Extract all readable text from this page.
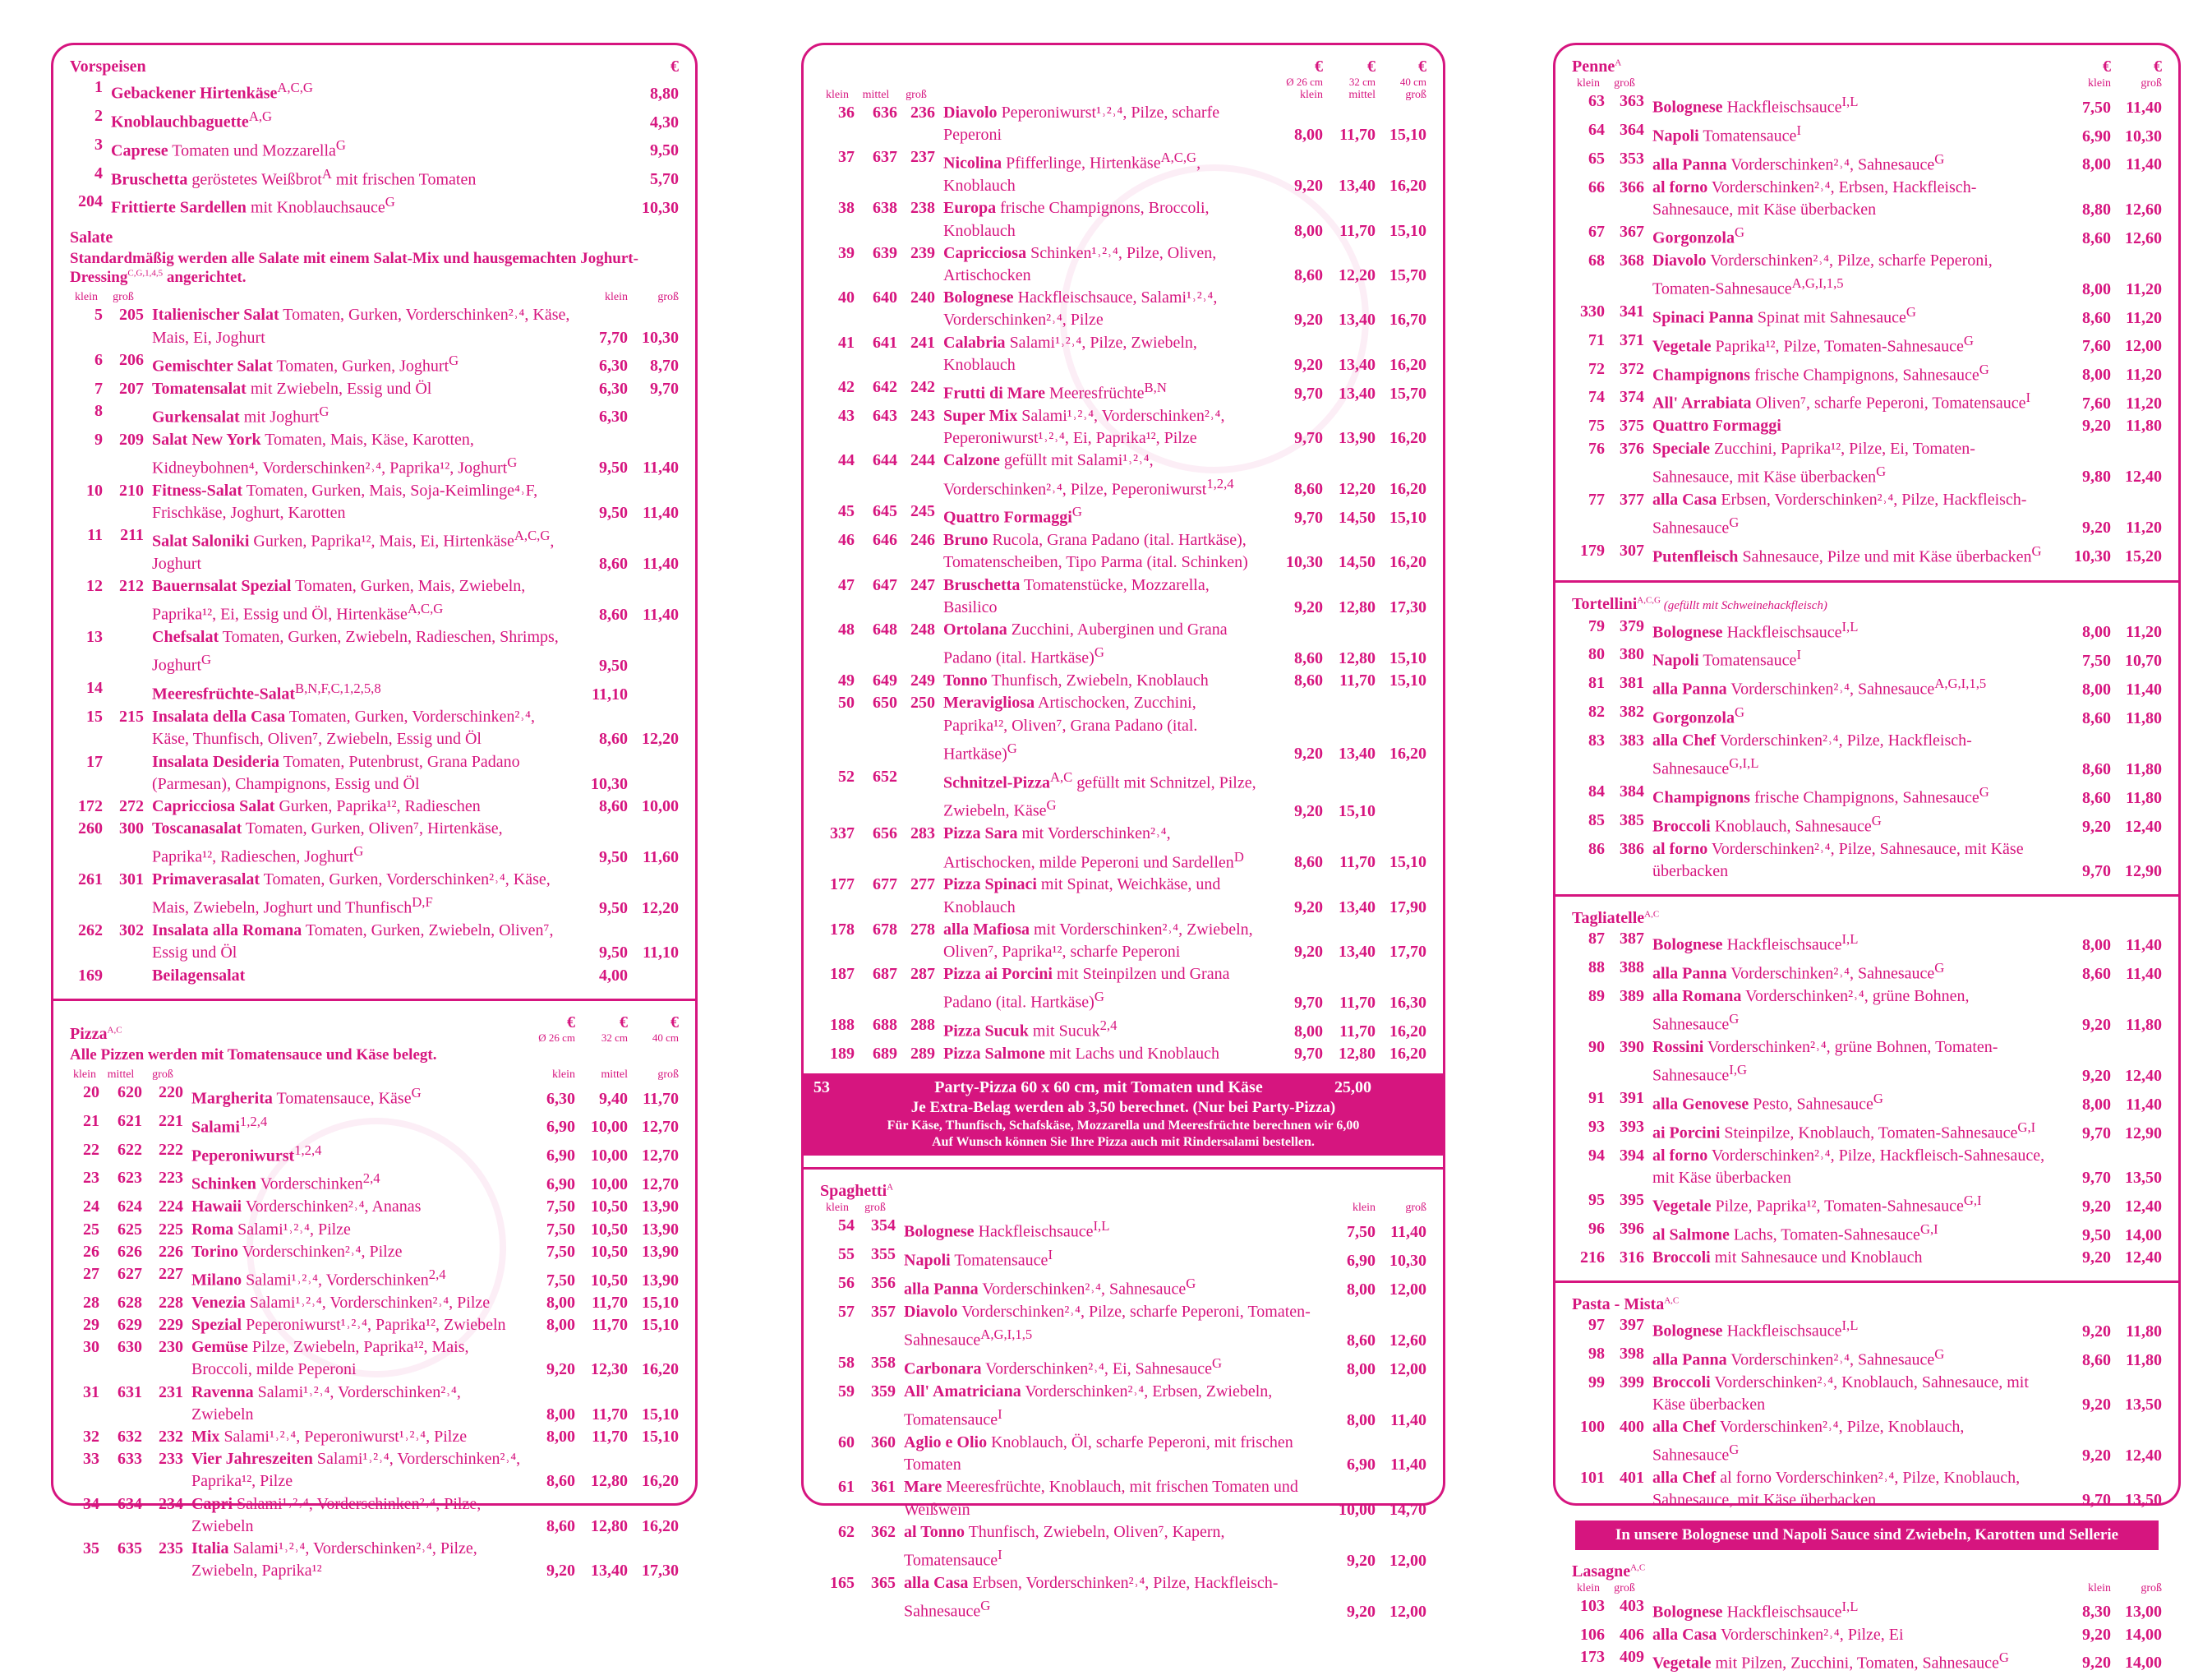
Vorspeisen	€
1 Gebackener Hirtenkäse$^{A,C,G}$	8,80
2 Knoblauchbaguette$^{A,G}$	4,30
3 Caprese Tomaten und Mozzarella$^G$	9,50
4 Bruschetta geröstetes Weißbrot$^A$ mit frischen Tomaten	5,70
204 Frittierte Sardellen mit Knoblauchsauce$^G$	10,30
Salate
Standardmäßig werden alle Salate mit einem Salat-Mix und hausgemachten Joghurt-Dressing$^{C,G,1,4,5}$ angerichtet.
klein	groß	klein	groß
5	205 Italienischer Salat Tomaten, Gurken, Vorderschinken²˒⁴, Käse, Mais, Ei, Joghurt	7,70 10,30
6	206 Gemischter Salat Tomaten, Gurken, Joghurt$^G$	6,30	8,70
7	207 Tomatensalat mit Zwiebeln, Essig und Öl	6,30	9,70
8	Gurkensalat mit Joghurt$^G$	6,30
9	209 Salat New York Tomaten, Mais, Käse, Karotten, Kidneybohnen⁴, Vorderschinken²˒⁴, Paprika¹², Joghurt$^G$	9,50 11,40
10	210 Fitness-Salat Tomaten, Gurken, Mais, Soja-Keimlinge⁴˒F, Frischkäse, Joghurt, Karotten	9,50 11,40
11	211 Salat Saloniki Gurken, Paprika¹², Mais, Ei, Hirtenkäse$^{A,C,G}$, Joghurt	8,60 11,40
12	212 Bauernsalat Spezial Tomaten, Gurken, Mais, Zwiebeln, Paprika¹², Ei, Essig und Öl, Hirtenkäse$^{A,C,G}$	8,60 11,40
13	Chefsalat Tomaten, Gurken, Zwiebeln, Radieschen, Shrimps, Joghurt$^G$	9,50
14	Meeresfrüchte-Salat$^{B,N,F,C,1,2,5,8}$	11,10
15	215 Insalata della Casa Tomaten, Gurken, Vorderschinken²˒⁴, Käse, Thunfisch, Oliven⁷, Zwiebeln, Essig und Öl	8,60 12,20
17	Insalata Desideria Tomaten, Putenbrust, Grana Padano (Parmesan), Champignons, Essig und Öl	10,30
172	272 Capricciosa Salat Gurken, Paprika¹², Radieschen	8,60 10,00
260	300 Toscanasalat Tomaten, Gurken, Oliven⁷, Hirtenkäse, Paprika¹², Radieschen, Joghurt$^G$	9,50 11,60
261	301 Primaverasalat Tomaten, Gurken, Vorderschinken²˒⁴, Käse, Mais, Zwiebeln, Joghurt und Thunfisch$^{D,F}$	9,50 12,20
262	302 Insalata alla Romana Tomaten, Gurken, Zwiebeln, Oliven⁷, Essig und Öl	9,50 11,10
169	Beilagensalat	4,00
Pizza$^{A,C}$	€
Ø 26 cm
€
32 cm
€
40 cm
Alle Pizzen werden mit Tomatensauce und Käse belegt.
klein mittel	groß	klein	mittel	groß
20	620	220 Margherita Tomatensauce, Käse$^G$	6,30	9,40 11,70
21	621	221 Salami$^{1,2,4}$	6,90 10,00 12,70
22	622	222 Peperoniwurst$^{1,2,4}$	6,90 10,00 12,70
23	623	223 Schinken Vorderschinken$^{2,4}$	6,90 10,00 12,70
24	624	224 Hawaii Vorderschinken²˒⁴, Ananas	7,50 10,50 13,90
25	625	225 Roma Salami¹˒²˒⁴, Pilze	7,50 10,50 13,90
26	626	226 Torino Vorderschinken²˒⁴, Pilze	7,50 10,50 13,90
27	627	227 Milano Salami¹˒²˒⁴, Vorderschinken$^{2,4}$	7,50 10,50 13,90
28	628	228 Venezia Salami¹˒²˒⁴, Vorderschinken²˒⁴, Pilze	8,00	11,70 15,10
29	629	229 Spezial Peperoniwurst¹˒²˒⁴, Paprika¹², Zwiebeln	8,00	11,70 15,10
30	630	230 Gemüse Pilze, Zwiebeln, Paprika¹², Mais, Broccoli, milde Peperoni	9,20 12,30 16,20
31	631	231 Ravenna Salami¹˒²˒⁴, Vorderschinken²˒⁴, Zwiebeln	8,00	11,70 15,10
32	632	232 Mix Salami¹˒²˒⁴, Peperoniwurst¹˒²˒⁴, Pilze	8,00	11,70 15,10
33	633	233 Vier Jahreszeiten Salami¹˒²˒⁴, Vorderschinken²˒⁴, Paprika¹², Pilze	8,60 12,80 16,20
34	634	234 Capri Salami¹˒²˒⁴, Vorderschinken²˒⁴, Pilze, Zwiebeln	8,60 12,80 16,20
35	635	235 Italia Salami¹˒²˒⁴, Vorderschinken²˒⁴, Pilze, Zwiebeln, Paprika¹²	9,20 13,40 17,30
€
Ø 26 cm
€
32 cm
€
40 cm
klein	mittel	groß	klein	mittel	groß
36	636 236 Diavolo Peperoniwurst¹˒²˒⁴, Pilze, scharfe Peperoni	8,00	11,70 15,10
37	637 237 Nicolina Pfifferlinge, Hirtenkäse$^{A,C,G}$, Knoblauch	9,20 13,40 16,20
38	638 238 Europa frische Champignons, Broccoli, Knoblauch	8,00	11,70 15,10
39	639 239 Capricciosa Schinken¹˒²˒⁴, Pilze, Oliven, Artischocken	8,60 12,20 15,70
40	640 240 Bolognese Hackfleischsauce, Salami¹˒²˒⁴, Vorderschinken²˒⁴, Pilze	9,20 13,40 16,70
41	641 241 Calabria Salami¹˒²˒⁴, Pilze, Zwiebeln, Knoblauch	9,20 13,40 16,20
42	642 242 Frutti di Mare Meeresfrüchte$^{B,N}$	9,70 13,40 15,70
43	643 243 Super Mix Salami¹˒²˒⁴, Vorderschinken²˒⁴, Peperoniwurst¹˒²˒⁴, Ei, Paprika¹², Pilze	9,70 13,90 16,20
44	644 244 Calzone gefüllt mit Salami¹˒²˒⁴, Vorderschinken²˒⁴, Pilze, Peperoniwurst$^{1,2,4}$	8,60 12,20 16,20
45	645 245 Quattro Formaggi$^G$	9,70 14,50 15,10
46	646 246 Bruno Rucola, Grana Padano (ital. Hartkäse), Tomatenscheiben, Tipo Parma (ital. Schinken)	10,30 14,50 16,20
47	647 247 Bruschetta Tomatenstücke, Mozzarella, Basilico	9,20 12,80 17,30
48	648 248 Ortolana Zucchini, Auberginen und Grana Padano (ital. Hartkäse)$^G$	8,60 12,80 15,10
49	649 249 Tonno Thunfisch, Zwiebeln, Knoblauch	8,60	11,70 15,10
50	650 250 Meravigliosa Artischocken, Zucchini, Paprika¹², Oliven⁷, Grana Padano (ital. Hartkäse)$^G$	9,20 13,40 16,20
52	652	Schnitzel-Pizza$^{A,C}$ gefüllt mit Schnitzel, Pilze, Zwiebeln, Käse$^G$	9,20 15,10
337	656 283 Pizza Sara mit Vorderschinken²˒⁴, Artischocken, milde Peperoni und Sardellen$^D$	8,60	11,70 15,10
177	677 277 Pizza Spinaci mit Spinat, Weichkäse, und Knoblauch	9,20 13,40 17,90
178	678 278 alla Mafiosa mit Vorderschinken²˒⁴, Zwiebeln, Oliven⁷, Paprika¹², scharfe Peperoni	9,20 13,40 17,70
187	687 287 Pizza ai Porcini mit Steinpilzen und Grana Padano (ital. Hartkäse)$^G$	9,70	11,70 16,30
188	688 288 Pizza Sucuk mit Sucuk$^{2,4}$	8,00	11,70 16,20
189	689 289 Pizza Salmone mit Lachs und Knoblauch	9,70 12,80 16,20
53	Party-Pizza 60 x 60 cm, mit Tomaten und Käse	25,00
Je Extra-Belag werden ab 3,50 berechnet. (Nur bei Party-Pizza)
Für Käse, Thunfisch, Schafskäse, Mozzarella und Meeresfrüchte berechnen wir 6,00
Auf Wunsch können Sie Ihre Pizza auch mit Rindersalami bestellen.
Spaghetti$^A$
klein	groß	klein	groß
54	354 Bolognese Hackfleischsauce$^{I,L}$	7,50 11,40
55	355 Napoli Tomatensauce$^I$	6,90 10,30
56	356 alla Panna Vorderschinken²˒⁴, Sahnesauce$^G$	8,00 12,00
57	357 Diavolo Vorderschinken²˒⁴, Pilze, scharfe Peperoni, Tomaten-Sahnesauce$^{A,G,I,1,5}$	8,60 12,60
58	358 Carbonara Vorderschinken²˒⁴, Ei, Sahnesauce$^G$	8,00 12,00
59	359 All' Amatriciana Vorderschinken²˒⁴, Erbsen, Zwiebeln, Tomatensauce$^I$	8,00 11,40
60	360 Aglio e Olio Knoblauch, Öl, scharfe Peperoni, mit frischen Tomaten	6,90 11,40
61	361 Mare Meeresfrüchte, Knoblauch, mit frischen Tomaten und Weißwein	10,00 14,70
62	362 al Tonno Thunfisch, Zwiebeln, Oliven⁷, Kapern, Tomatensauce$^I$	9,20 12,00
165	365 alla Casa Erbsen, Vorderschinken²˒⁴, Pilze, Hackfleisch-Sahnesauce$^G$	9,20 12,00
Penne$^A$	€	€
klein	groß	klein	groß
63 363 Bolognese Hackfleischsauce$^{I,L}$	7,50 11,40
64 364 Napoli Tomatensauce$^I$	6,90 10,30
65 353 alla Panna Vorderschinken²˒⁴, Sahnesauce$^G$	8,00 11,40
66 366 al forno Vorderschinken²˒⁴, Erbsen, Hackfleisch-Sahnesauce, mit Käse überbacken	8,80 12,60
67 367 Gorgonzola$^G$	8,60 12,60
68 368 Diavolo Vorderschinken²˒⁴, Pilze, scharfe Peperoni, Tomaten-Sahnesauce$^{A,G,I,1,5}$	8,00 11,20
330 341 Spinaci Panna Spinat mit Sahnesauce$^G$	8,60 11,20
71 371 Vegetale Paprika¹², Pilze, Tomaten-Sahnesauce$^G$	7,60 12,00
72 372 Champignons frische Champignons, Sahnesauce$^G$	8,00 11,20
74 374 All' Arrabiata Oliven⁷, scharfe Peperoni, Tomatensauce$^I$	7,60 11,20
75 375 Quattro Formaggi	9,20 11,80
76 376 Speciale Zucchini, Paprika¹², Pilze, Ei, Tomaten-Sahnesauce, mit Käse überbacken$^G$	9,80 12,40
77 377 alla Casa Erbsen, Vorderschinken²˒⁴, Pilze, Hackfleisch-Sahnesauce$^G$	9,20 11,20
179 307 Putenfleisch Sahnesauce, Pilze und mit Käse überbacken$^G$	10,30 15,20
Tortellini$^{A,C,G}$ (gefüllt mit Schweinehackfleisch)
79 379 Bolognese Hackfleischsauce$^{I,L}$	8,00 11,20
80 380 Napoli Tomatensauce$^I$	7,50 10,70
81 381 alla Panna Vorderschinken²˒⁴, Sahnesauce$^{A,G,I,1,5}$	8,00 11,40
82 382 Gorgonzola$^G$	8,60 11,80
83 383 alla Chef Vorderschinken²˒⁴, Pilze, Hackfleisch-Sahnesauce$^{G,I,L}$	8,60 11,80
84 384 Champignons frische Champignons, Sahnesauce$^G$	8,60 11,80
85 385 Broccoli Knoblauch, Sahnesauce$^G$	9,20 12,40
86 386 al forno Vorderschinken²˒⁴, Pilze, Sahnesauce, mit Käse überbacken	9,70 12,90
Tagliatelle$^{A,C}$
87 387 Bolognese Hackfleischsauce$^{I,L}$	8,00 11,40
88 388 alla Panna Vorderschinken²˒⁴, Sahnesauce$^G$	8,60 11,40
89 389 alla Romana Vorderschinken²˒⁴, grüne Bohnen, Sahnesauce$^G$	9,20 11,80
90 390 Rossini Vorderschinken²˒⁴, grüne Bohnen, Tomaten-Sahnesauce$^{I,G}$	9,20 12,40
91 391 alla Genovese Pesto, Sahnesauce$^G$	8,00 11,40
93 393 ai Porcini Steinpilze, Knoblauch, Tomaten-Sahnesauce$^{G,I}$	9,70 12,90
94 394 al forno Vorderschinken²˒⁴, Pilze, Hackfleisch-Sahnesauce, mit Käse überbacken	9,70 13,50
95 395 Vegetale Pilze, Paprika¹², Tomaten-Sahnesauce$^{G,I}$	9,20 12,40
96 396 al Salmone Lachs, Tomaten-Sahnesauce$^{G,I}$	9,50 14,00
216 316 Broccoli mit Sahnesauce und Knoblauch	9,20 12,40
Pasta - Mista$^{A,C}$
97 397 Bolognese Hackfleischsauce$^{I,L}$	9,20 11,80
98 398 alla Panna Vorderschinken²˒⁴, Sahnesauce$^G$	8,60 11,80
99 399 Broccoli Vorderschinken²˒⁴, Knoblauch, Sahnesauce, mit Käse überbacken	9,20 13,50
100 400 alla Chef Vorderschinken²˒⁴, Pilze, Knoblauch, Sahnesauce$^G$	9,20 12,40
101 401 alla Chef al forno Vorderschinken²˒⁴, Pilze, Knoblauch, Sahnesauce, mit Käse überbacken	9,70 13,50
In unsere Bolognese und Napoli Sauce sind Zwiebeln, Karotten und Sellerie
Lasagne$^{A,C}$
klein	groß	klein	groß
103 403 Bolognese Hackfleischsauce$^{I,L}$	8,30 13,00
106 406 alla Casa Vorderschinken²˒⁴, Pilze, Ei	9,20 14,00
173 409 Vegetale mit Pilzen, Zucchini, Tomaten, Sahnesauce$^G$	9,20 14,00
